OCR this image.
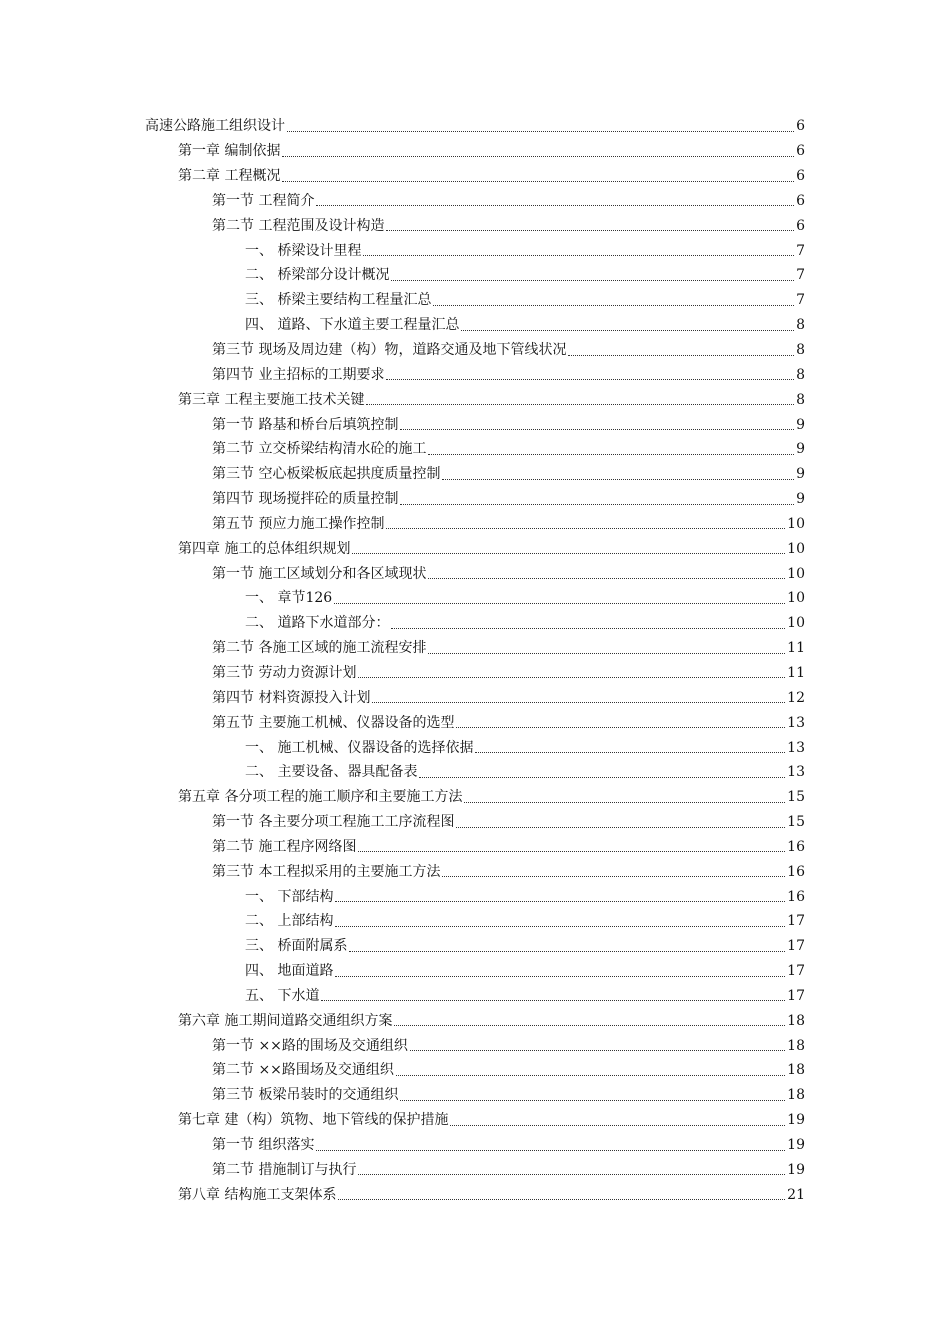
高速公路施工组织设计	6
第一章 编制依据	6
第二章 工程概况	6
第一节 工程简介	6
第二节 工程范围及设计构造	6
一、 桥梁设计里程	7
二、 桥梁部分设计概况	7
三、 桥梁主要结构工程量汇总	7
四、 道路、下水道主要工程量汇总	8
第三节 现场及周边建（构）物，道路交通及地下管线状况	8
第四节 业主招标的工期要求	8
第三章 工程主要施工技术关键	8
第一节 路基和桥台后填筑控制	9
第二节 立交桥梁结构清水砼的施工	9
第三节 空心板梁板底起拱度质量控制	9
第四节 现场搅拌砼的质量控制	9
第五节 预应力施工操作控制	10
第四章 施工的总体组织规划	10
第一节 施工区域划分和各区域现状	10
一、 章节126	10
二、 道路下水道部分：	10
第二节 各施工区域的施工流程安排	11
第三节 劳动力资源计划	11
第四节 材料资源投入计划	12
第五节 主要施工机械、仪器设备的选型	13
一、 施工机械、仪器设备的选择依据	13
二、 主要设备、器具配备表	13
第五章 各分项工程的施工顺序和主要施工方法	15
第一节 各主要分项工程施工工序流程图	15
第二节 施工程序网络图	16
第三节 本工程拟采用的主要施工方法	16
一、 下部结构	16
二、 上部结构	17
三、 桥面附属系	17
四、 地面道路	17
五、 下水道	17
第六章 施工期间道路交通组织方案	18
第一节 ××路的围场及交通组织	18
第二节 ××路围场及交通组织	18
第三节 板梁吊装时的交通组织	18
第七章 建（构）筑物、地下管线的保护措施	19
第一节 组织落实	19
第二节 措施制订与执行	19
第八章 结构施工支架体系	21
